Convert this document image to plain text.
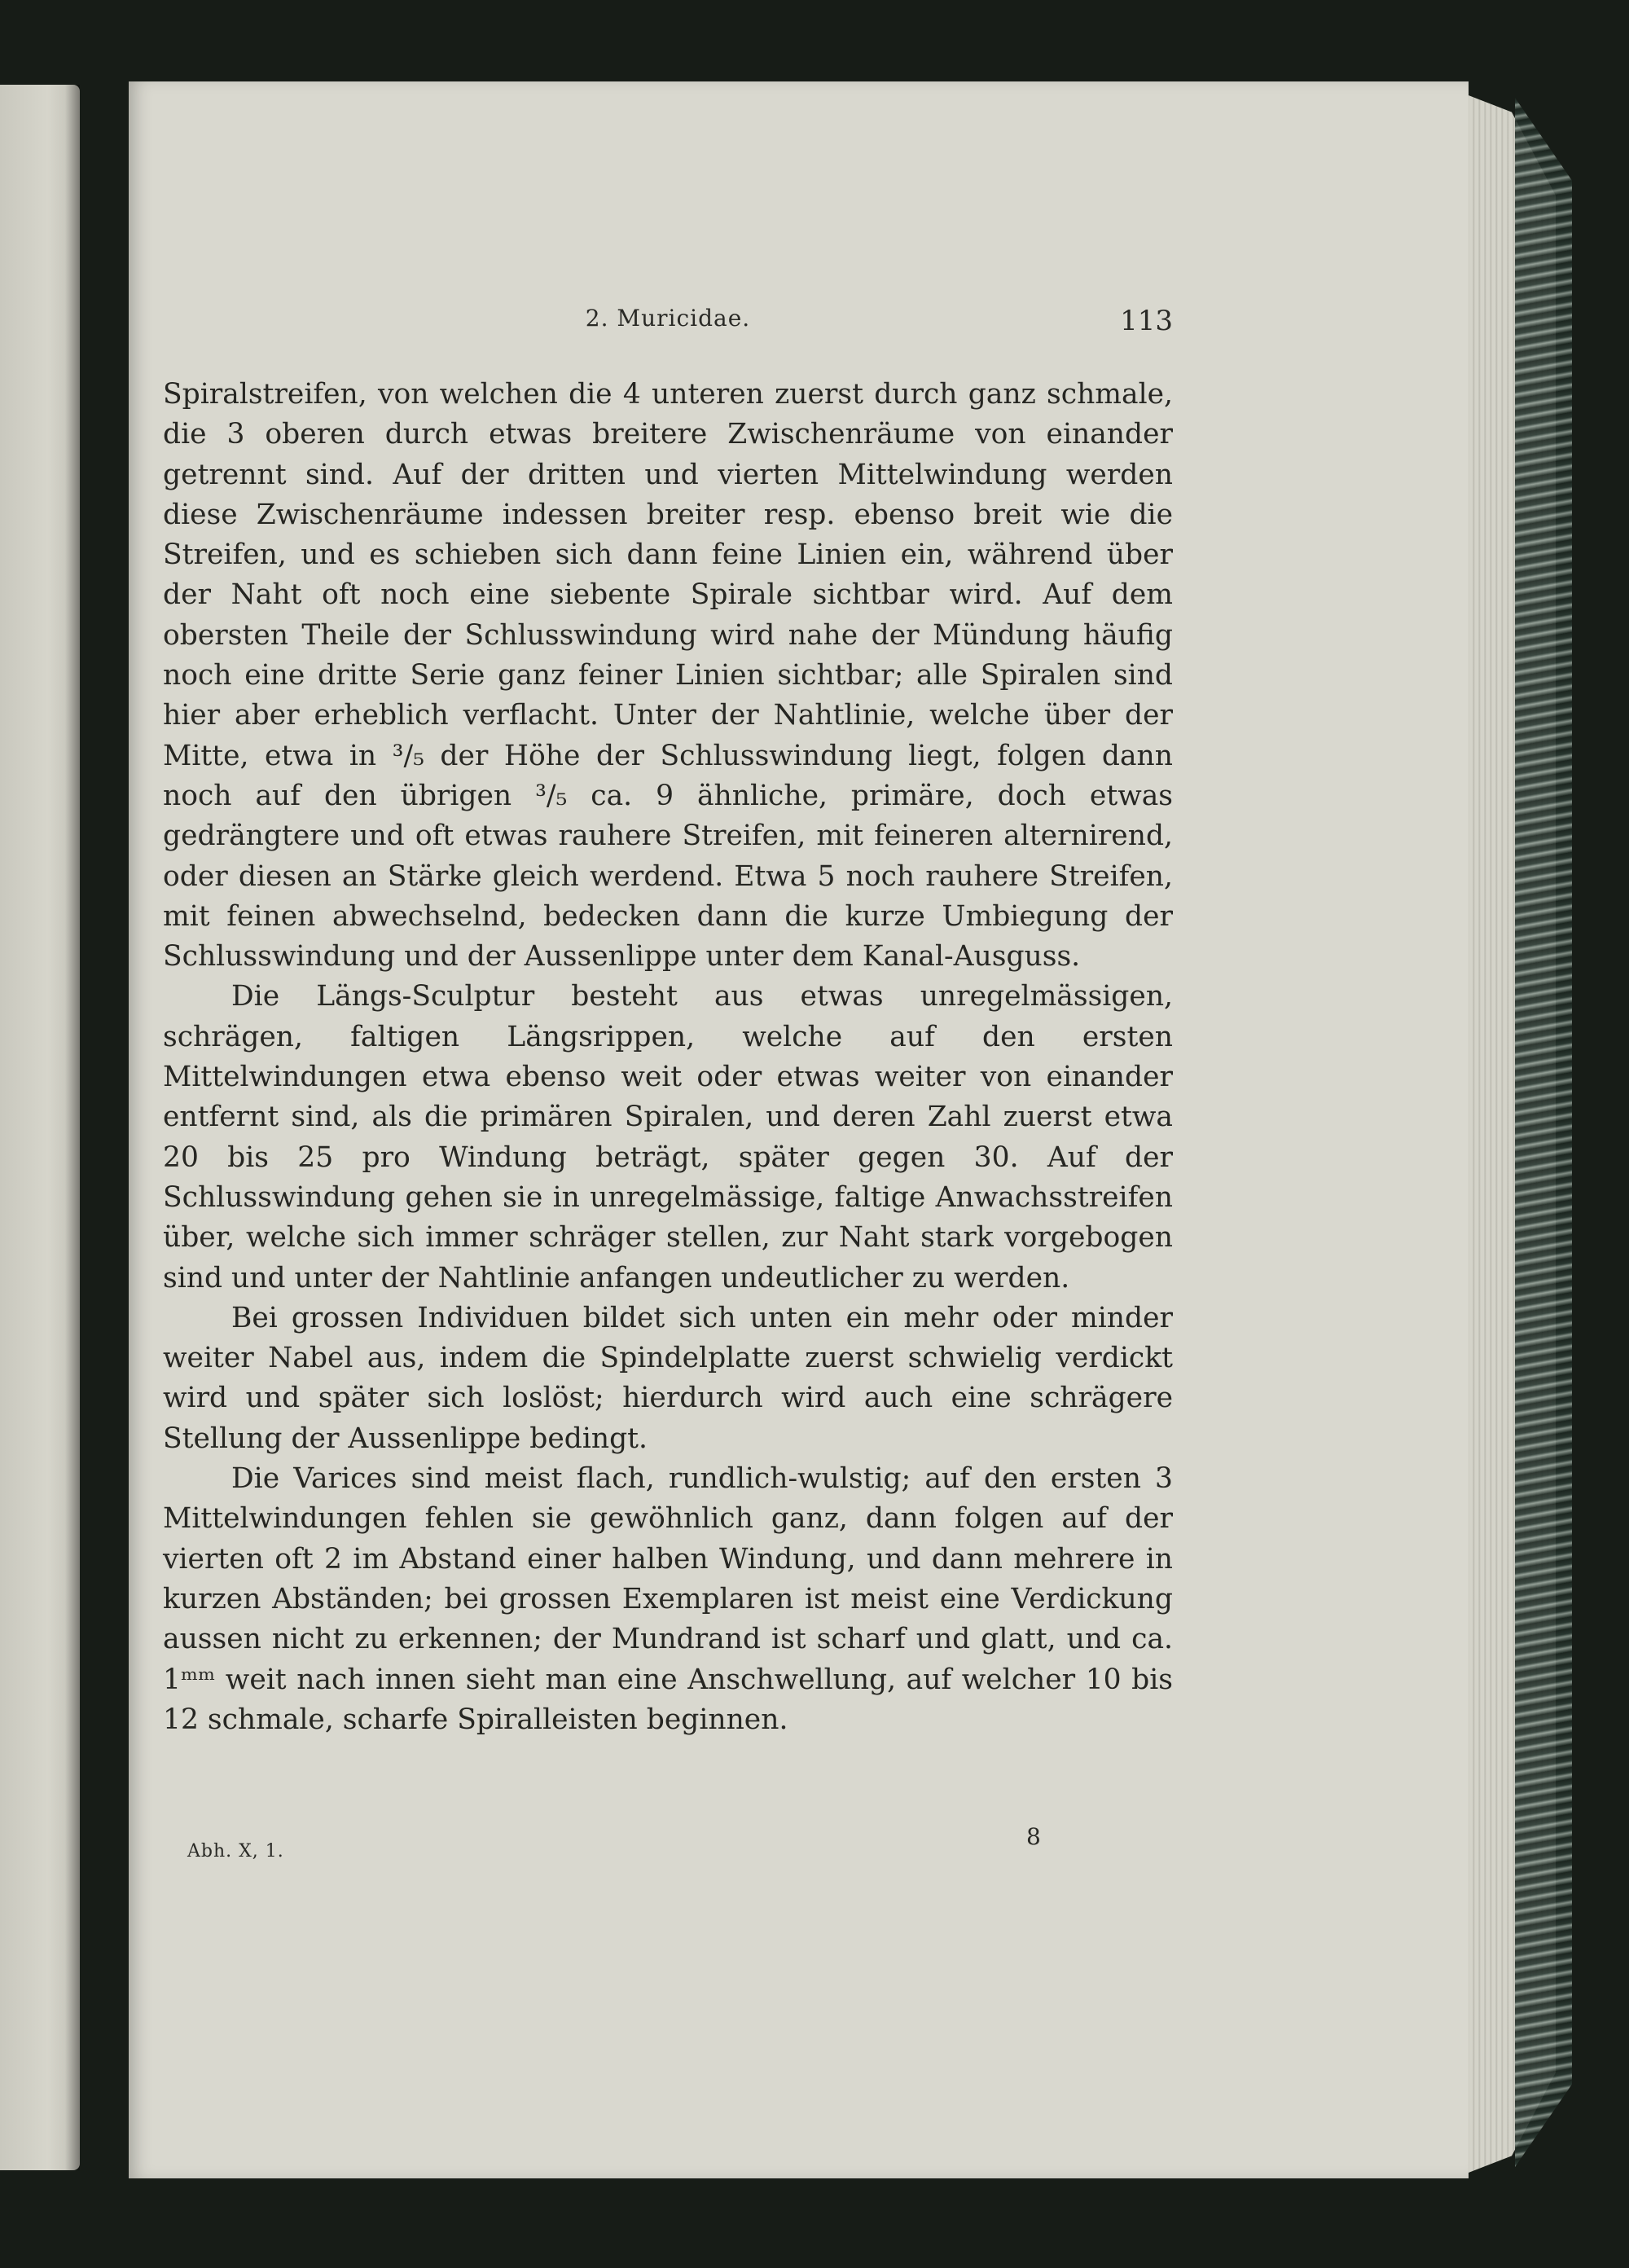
2. Muricidae.	113

Spiralstreifen, von welchen die 4 unteren zuerst durch ganz schmale, die 3 oberen durch etwas breitere Zwischenräume von einander getrennt sind. Auf der dritten und vierten Mittelwindung werden diese Zwischenräume indessen breiter resp. ebenso breit wie die Streifen, und es schieben sich dann feine Linien ein, während über der Naht oft noch eine siebente Spirale sichtbar wird. Auf dem obersten Theile der Schlusswindung wird nahe der Mündung häufig noch eine dritte Serie ganz feiner Linien sichtbar; alle Spiralen sind hier aber erheblich verflacht. Unter der Nahtlinie, welche über der Mitte, etwa in ³/₅ der Höhe der Schlusswindung liegt, folgen dann noch auf den übrigen ³/₅ ca. 9 ähnliche, primäre, doch etwas gedrängtere und oft etwas rauhere Streifen, mit feineren alternirend, oder diesen an Stärke gleich werdend. Etwa 5 noch rauhere Streifen, mit feinen abwechselnd, bedecken dann die kurze Umbiegung der Schlusswindung und der Aussenlippe unter dem Kanal-Ausguss.

Die Längs-Sculptur besteht aus etwas unregelmässigen, schrägen, faltigen Längsrippen, welche auf den ersten Mittelwindungen etwa ebenso weit oder etwas weiter von einander entfernt sind, als die primären Spiralen, und deren Zahl zuerst etwa 20 bis 25 pro Windung beträgt, später gegen 30. Auf der Schlusswindung gehen sie in unregelmässige, faltige Anwachsstreifen über, welche sich immer schräger stellen, zur Naht stark vorgebogen sind und unter der Nahtlinie anfangen undeutlicher zu werden.

Bei grossen Individuen bildet sich unten ein mehr oder minder weiter Nabel aus, indem die Spindelplatte zuerst schwielig verdickt wird und später sich loslöst; hierdurch wird auch eine schrägere Stellung der Aussenlippe bedingt.

Die Varices sind meist flach, rundlich-wulstig; auf den ersten 3 Mittelwindungen fehlen sie gewöhnlich ganz, dann folgen auf der vierten oft 2 im Abstand einer halben Windung, und dann mehrere in kurzen Abständen; bei grossen Exemplaren ist meist eine Verdickung aussen nicht zu erkennen; der Mundrand ist scharf und glatt, und ca. 1ᵐᵐ weit nach innen sieht man eine Anschwellung, auf welcher 10 bis 12 schmale, scharfe Spiralleisten beginnen.

Abh. X, 1.
8
